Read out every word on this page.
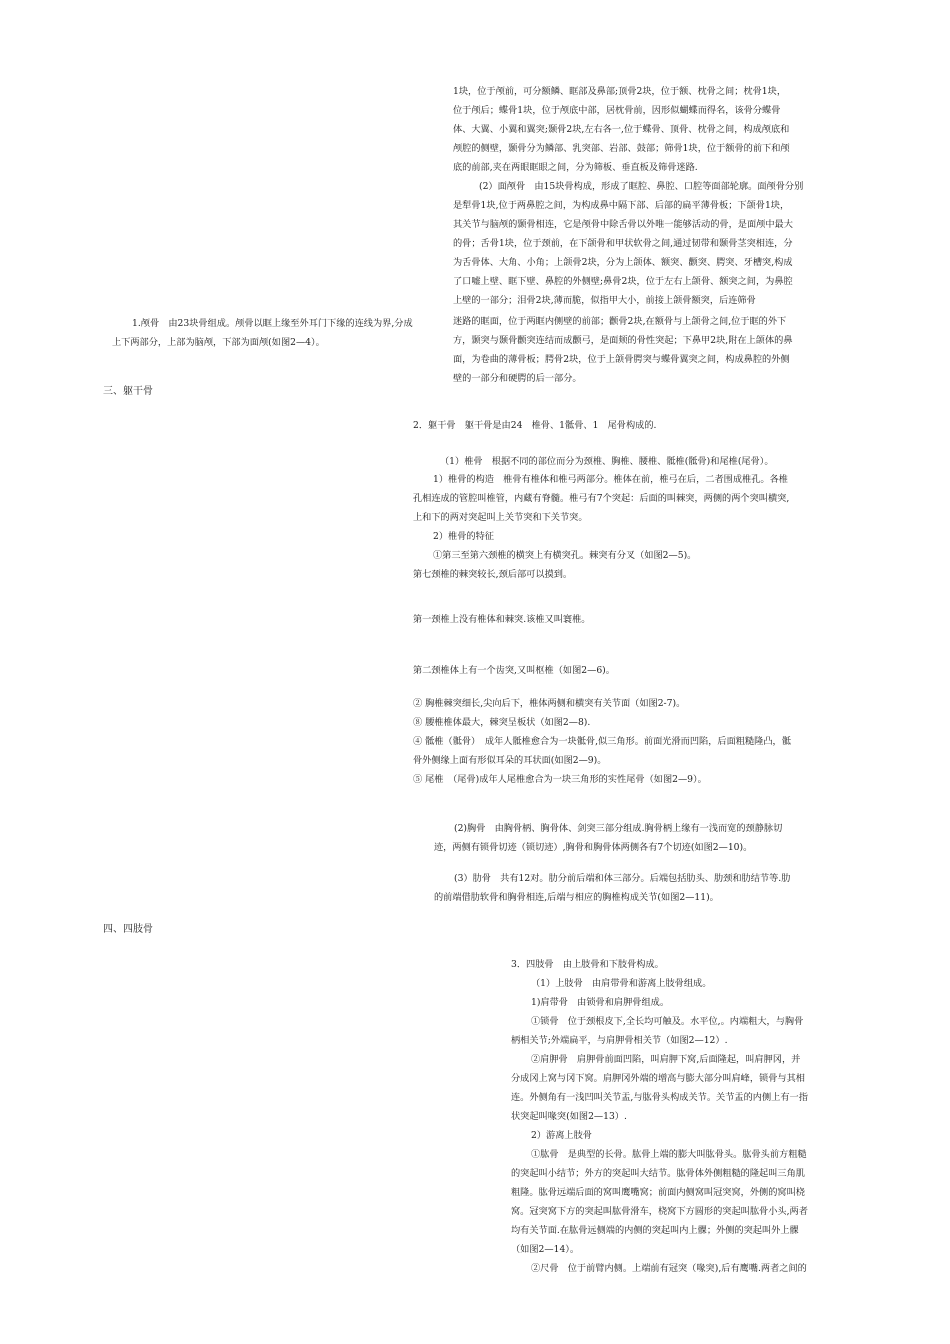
1块，位于颅前，可分额鳞、眶部及鼻部;顶骨2块，位于额、枕骨之间；枕骨1块，

位于颅后；蝶骨1块，位于颅底中部，居枕骨前，因形似蝴蝶而得名，该骨分蝶骨

体、大翼、小翼和翼突;颞骨2块,左右各一,位于蝶骨、顶骨、枕骨之间，构成颅底和

颅腔的侧壁，颞骨分为鳞部、乳突部、岩部、鼓部；筛骨1块，位于额骨的前下和颅

底的前部,夹在两眼眶眼之间，分为筛板、垂直板及筛骨迷路.

(2）面颅骨　由15块骨构成，形成了眶腔、鼻腔、口腔等面部轮廓。面颅骨分别

是犁骨1块,位于两鼻腔之间，为构成鼻中隔下部、后部的扁平薄骨板；下颌骨1块，

其关节与脑颅的颞骨相连，它是颅骨中除舌骨以外唯一能够活动的骨，是面颅中最大

的骨；舌骨1块，位于颈前，在下颌骨和甲状软骨之间,通过韧带和颞骨茎突相连，分

为舌骨体、大角、小角；上颌骨2块，分为上颌体、额突、颧突、腭突、牙槽突,构成

了口嘘上壁、眶下壁、鼻腔的外侧壁;鼻骨2块，位于左右上颌骨、额突之间，为鼻腔

上壁的一部分；泪骨2块,薄而脆，似指甲大小，前接上颌骨额突，后连筛骨

迷路的眶面，位于两眶内侧壁的前部；颧骨2块,在额骨与上颌骨之间,位于眶的外下

方，颞突与颞骨颧突连结而成颧弓，是面颊的骨性突起；下鼻甲2块,附在上颌体的鼻

面，为卷曲的薄骨板；腭骨2块，位于上颌骨腭突与蝶骨翼突之间，构成鼻腔的外侧

壁的一部分和硬腭的后一部分。

1.颅骨　由23块骨组成。颅骨以眶上缘至外耳门下缘的连线为界,分成

上下两部分，上部为脑颅，下部为面颅(如图2—4）。

三、躯干骨
2．躯干骨　躯干骨是由24　椎骨、1骶骨、1　尾骨构成的.
（1）椎骨　根据不同的部位而分为颈椎、胸椎、腰椎、骶椎(骶骨)和尾椎(尾骨）。

1）椎骨的构造　椎骨有椎体和椎弓两部分。椎体在前，椎弓在后，二者围成椎孔。各椎

孔相连成的管腔叫椎管，内藏有脊髓。椎弓有7个突起：后面的叫棘突，两侧的两个突叫横突,

上和下的两对突起叫上关节突和下关节突。

2）椎骨的特征

①第三至第六颈椎的横突上有横突孔。棘突有分叉（如图2—5)。

第七颈椎的棘突较长,颈后部可以摸到。

第一颈椎上没有椎体和棘突.该椎又叫寰椎。
第二颈椎体上有一个齿突,又叫枢椎（如图2—6)。

② 胸椎棘突细长,尖向后下，椎体两侧和横突有关节面（如图2-7)。

⑧ 腰椎椎体最大，棘突呈板状（如图2—8).

④ 骶椎（骶骨）　成年人骶椎愈合为一块骶骨,似三角形。前面光滑而凹陷，后面粗糙隆凸，骶

骨外侧缘上面有形似耳朵的耳状面(如图2—9)。

⑤ 尾椎　（尾骨)成年人尾椎愈合为一块三角形的实性尾骨（如图2—9）。

(2)胸骨　由胸骨柄、胸骨体、剑突三部分组成.胸骨柄上缘有一浅而宽的颈静脉切

迹，两侧有锁骨切迹（锁切迹）,胸骨和胸骨体两侧各有7个切迹(如图2—10)。

(3）肋骨　共有12对。肋分前后端和体三部分。后端包括肋头、肋颈和肋结节等.肋

的前端借肋软骨和胸骨相连,后端与相应的胸椎构成关节(如图2—11)。

四、四肢骨

3．四肢骨　由上肢骨和下肢骨构成。

（1）上肢骨　由肩带骨和游离上肢骨组成。

1)肩带骨　由锁骨和肩胛骨组成。

①锁骨　位于颈根皮下,全长均可触及。水平位,。内端粗大，与胸骨

柄相关节;外端扁平，与肩胛骨相关节（如图2—12）.

②肩胛骨　肩胛骨前面凹陷，叫肩胛下窝,后面隆起，叫肩胛冈，并

分成冈上窝与冈下窝。肩胛冈外端的增高与膨大部分叫肩峰，锁骨与其相

连。外侧角有一浅凹叫关节盂,与肱骨头构成关节。关节盂的内侧上有一指

状突起叫喙突(如图2—13）.

2）游离上肢骨

①肱骨　是典型的长骨。肱骨上端的膨大叫肱骨头。肱骨头前方粗糙

的突起叫小结节；外方的突起叫大结节。肱骨体外侧粗糙的隆起叫三角肌

粗隆。肱骨远端后面的窝叫鹰嘴窝；前面内侧窝叫冠突窝，外侧的窝叫桡

窝。冠突窝下方的突起叫肱骨滑车，桡窝下方圆形的突起叫肱骨小头,两者

均有关节面.在肱骨远侧端的内侧的突起叫内上髁；外侧的突起叫外上髁

（如图2—14）。

②尺骨　位于前臂内侧。上端前有冠突（喙突),后有鹰嘴.两者之间的
